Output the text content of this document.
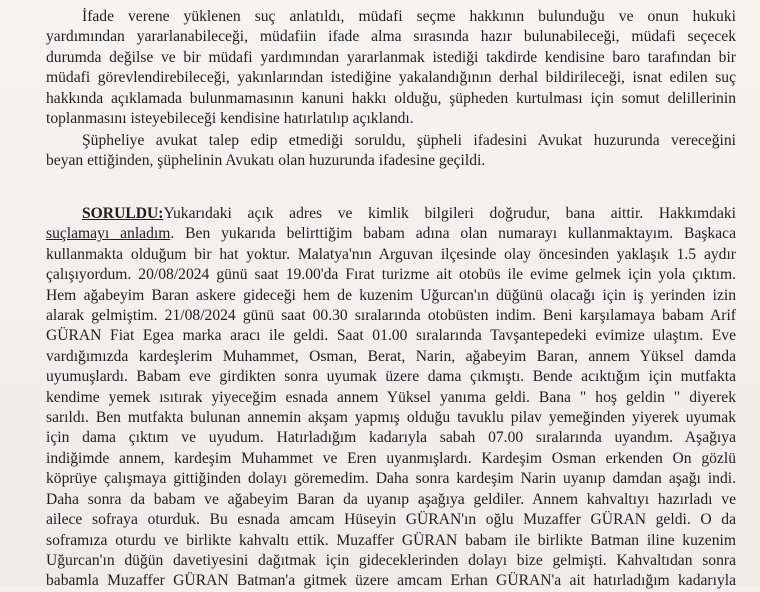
İfade verene yüklenen suç anlatıldı, müdafi seçme hakkının bulunduğu ve onun hukuki
yardımından yararlanabileceği, müdafiin ifade alma sırasında hazır bulunabileceği, müdafi seçecek
durumda değilse ve bir müdafi yardımından yararlanmak istediği takdirde kendisine baro tarafından bir
müdafi görevlendirebileceği, yakınlarından istediğine yakalandığının derhal bildirileceği, isnat edilen suç
hakkında açıklamada bulunmamasının kanuni hakkı olduğu, şüpheden kurtulması için somut delillerinin
toplanmasını isteyebileceği kendisine hatırlatılıp açıklandı.
Şüpheliye avukat talep edip etmediği soruldu, şüpheli ifadesini Avukat huzurunda vereceğini
beyan ettiğinden, şüphelinin Avukatı olan huzurunda ifadesine geçildi.
SORULDU:Yukarıdaki açık adres ve kimlik bilgileri doğrudur, bana aittir. Hakkımdaki
suçlamayı anladım. Ben yukarıda belirttiğim babam adına olan numarayı kullanmaktayım. Başkaca
kullanmakta olduğum bir hat yoktur. Malatya'nın Arguvan ilçesinde olay öncesinden yaklaşık 1.5 aydır
çalışıyordum. 20/08/2024 günü saat 19.00'da Fırat turizme ait otobüs ile evime gelmek için yola çıktım.
Hem ağabeyim Baran askere gideceği hem de kuzenim Uğurcan'ın düğünü olacağı için iş yerinden izin
alarak gelmiştim. 21/08/2024 günü saat 00.30 sıralarında otobüsten indim. Beni karşılamaya babam Arif
GÜRAN Fiat Egea marka aracı ile geldi. Saat 01.00 sıralarında Tavşantepedeki evimize ulaştım. Eve
vardığımızda kardeşlerim Muhammet, Osman, Berat, Narin, ağabeyim Baran, annem Yüksel damda
uyumuşlardı. Babam eve girdikten sonra uyumak üzere dama çıkmıştı. Bende acıktığım için mutfakta
kendime yemek ısıtırak yiyeceğim esnada annem Yüksel yanıma geldi. Bana " hoş geldin " diyerek
sarıldı. Ben mutfakta bulunan annemin akşam yapmış olduğu tavuklu pilav yemeğinden yiyerek uyumak
için dama çıktım ve uyudum. Hatırladığım kadarıyla sabah 07.00 sıralarında uyandım. Aşağıya
indiğimde annem, kardeşim Muhammet ve Eren uyanmışlardı. Kardeşim Osman erkenden On gözlü
köprüye çalışmaya gittiğinden dolayı göremedim. Daha sonra kardeşim Narin uyanıp damdan aşağı indi.
Daha sonra da babam ve ağabeyim Baran da uyanıp aşağıya geldiler. Annem kahvaltıyı hazırladı ve
ailece sofraya oturduk. Bu esnada amcam Hüseyin GÜRAN'ın oğlu Muzaffer GÜRAN geldi. O da
soframıza oturdu ve birlikte kahvaltı ettik. Muzaffer GÜRAN babam ile birlikte Batman iline kuzenim
Uğurcan'ın düğün davetiyesini dağıtmak için gideceklerinden dolayı bize gelmişti. Kahvaltıdan sonra
babamla Muzaffer GÜRAN Batman'a gitmek üzere amcam Erhan GÜRAN'a ait hatırladığım kadarıyla
